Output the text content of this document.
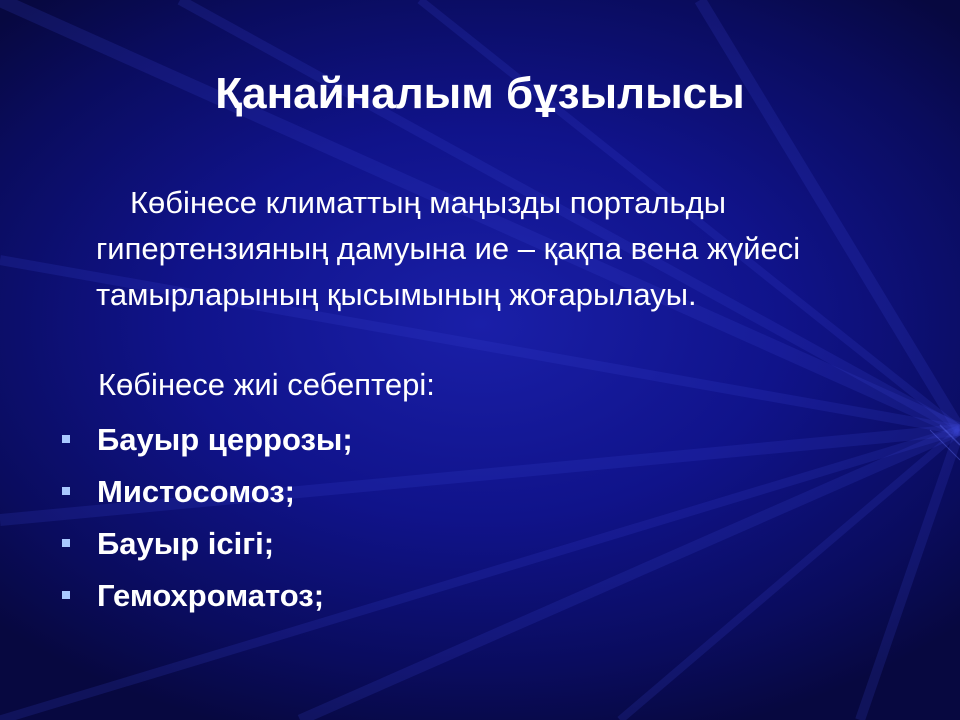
Қанайналым бұзылысы
Көбінесе климаттың маңызды портальды гипертензияның дамуына ие – қақпа вена жүйесі тамырларының қысымының жоғарылауы.
Көбінесе жиі себептері:
Бауыр церрозы;
Мистосомоз;
Бауыр ісігі;
Гемохроматоз;
